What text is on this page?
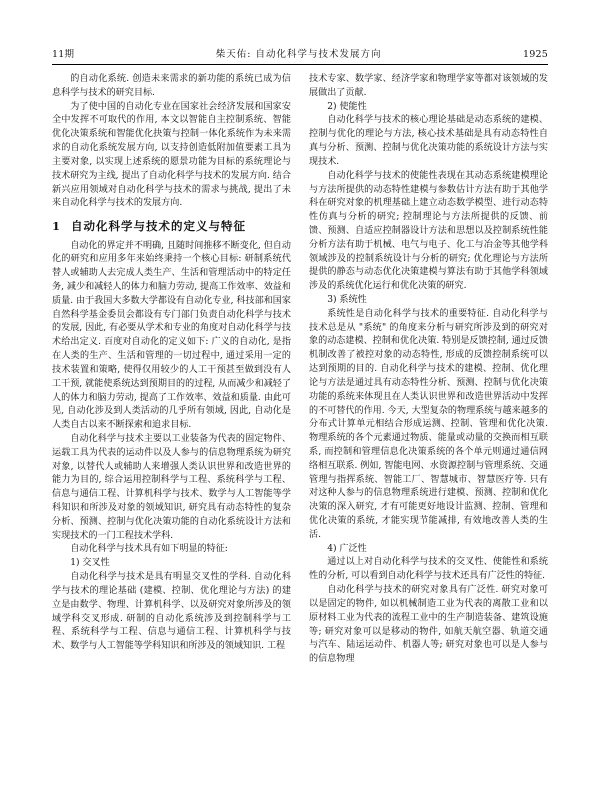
11期	柴天佑: 自动化科学与技术发展方向	1925

的自动化系统. 创造未来需求的新功能的系统已成为信息科学与技术的研究目标.

为了使中国的自动化专业在国家社会经济发展和国家安全中发挥不可取代的作用, 本文以智能自主控制系统、智能优化决策系统和智能优化抉策与控制一体化系统作为未来需求的自动化系统发展方向, 以支持创造低附加值要素工具为主要对象, 以实现上述系统的愿景功能为目标的系统理论与技术研究为主线, 提出了自动化科学与技术的发展方向. 结合新兴应用领域对自动化科学与技术的需求与挑战, 提出了未来自动化科学与技术的发展方向.

1 自动化科学与技术的定义与特征

自动化的界定并不明确, 且随时间推移不断变化, 但自动化的研究和应用多年来始终秉持一个核心目标: 研制系统代替人或辅助人去完成人类生产、生活和管理活动中的特定任务, 减少和减轻人的体力和脑力劳动, 提高工作效率、效益和质量. 由于我国大多数大学都设有自动化专业, 科技部和国家自然科学基金委员会都设有专门部门负责自动化科学与技术的发展, 因此, 有必要从学术和专业的角度对自动化科学与技术给出定义. 百度对自动化的定义如下: 广义的自动化, 是指在人类的生产、生活和管理的一切过程中, 通过采用一定的技术装置和策略, 使得仅用较少的人工干预甚至做到没有人工干预, 就能使系统达到预期目的的过程, 从而减少和减轻了人的体力和脑力劳动, 提高了工作效率、效益和质量. 由此可见, 自动化涉及到人类活动的几乎所有领域, 因此, 自动化是人类自古以来不断探索和追求目标.

自动化科学与技术主要以工业装备为代表的固定物件、运载工具为代表的运动件以及人参与的信息物理系统为研究对象, 以替代人或辅助人来增强人类认识世界和改造世界的能力为目的, 综合运用控制科学与工程、系统科学与工程、信息与通信工程、计算机科学与技术、数学与人工智能等学科知识和所涉及对象的领域知识, 研究具有动态特性的复杂分析、预测、控制与优化决策功能的自动化系统设计方法和实现技术的一门工程技术学科.

自动化科学与技术具有如下明显的特征:

1) 交叉性

自动化科学与技术是具有明显交叉性的学科. 自动化科学与技术的理论基础 (建模、控制、优化理论与方法) 的建立是由数学、物理、计算机科学、以及研究对象所涉及的领域学科交叉形成. 研制的自动化系统涉及到控制科学与工程、系统科学与工程、信息与通信工程、计算机科学与技术、数学与人工智能等学科知识和所涉及的领域知识. 工程

技术专家、数学家、经济学家和物理学家等都对该领域的发展做出了贡献.

2) 使能性

自动化科学与技术的核心理论基础是动态系统的建模、控制与优化的理论与方法, 核心技术基础是具有动态特性自真与分析、预测、控制与优化决策功能的系统设计方法与实现技术.

自动化科学与技术的使能性表现在其动态系统建模理论与方法所提供的动态特性建模与参数估计方法有助于其他学科在研究对象的机理基础上建立动态数学模型、进行动态特性仿真与分析的研究; 控制理论与方法所提供的反馈、前馈、预测、自适应控制器设计方法和思想以及控制系统性能分析方法有助于机械、电气与电子、化工与冶金等其他学科领域涉及的控制系统设计与分析的研究; 优化理论与方法所提供的静态与动态优化决策建模与算法有助于其他学科领域涉及的系统优化运行和优化决策的研究.

3) 系统性

系统性是自动化科学与技术的重要特征. 自动化科学与技术总是从 "系统" 的角度来分析与研究所涉及到的研究对象的动态建模、控制和优化决策. 特别是反馈控制, 通过反馈机制改善了被控对象的动态特性, 形成的反馈控制系统可以达到预期的目的. 自动化科学与技术的建模、控制、优化理论与方法是通过具有动态特性分析、预测、控制与优化决策功能的系统来体现且在人类认识世界和改造世界活动中发挥的不可替代的作用. 今天, 大型复杂的物理系统与越来越多的分布式计算单元相结合形成运测、控制、管理和优化决策. 物理系统的各个元素通过物质、能量或动量的交换而相互联系, 而控制和管理信息化决策系统的各个单元则通过通信网络相互联系. 例如, 智能电网、水资源控制与管理系统、交通管理与指挥系统、智能工厂、智慧城市、智慧医疗等. 只有对这种人参与的信息物理系统进行建模、预测、控制和优化决策的深入研究, 才有可能更好地设计监测、控制、管理和优化决策的系统, 才能实现节能减排, 有效地改善人类的生活.

4) 广泛性

通过以上对自动化科学与技术的交叉性、使能性和系统性的分析, 可以看到自动化科学与技术还具有广泛性的特征.

自动化科学与技术的研究对象具有广泛性. 研究对象可以是固定的物件, 如以机械制造工业为代表的离散工业和以原材料工业为代表的流程工业中的生产制造装备、建筑设施等; 研究对象可以是移动的物件, 如航天航空器、轨道交通与汽车、陆运运动件、机器人等; 研究对象也可以是人参与的信息物理
